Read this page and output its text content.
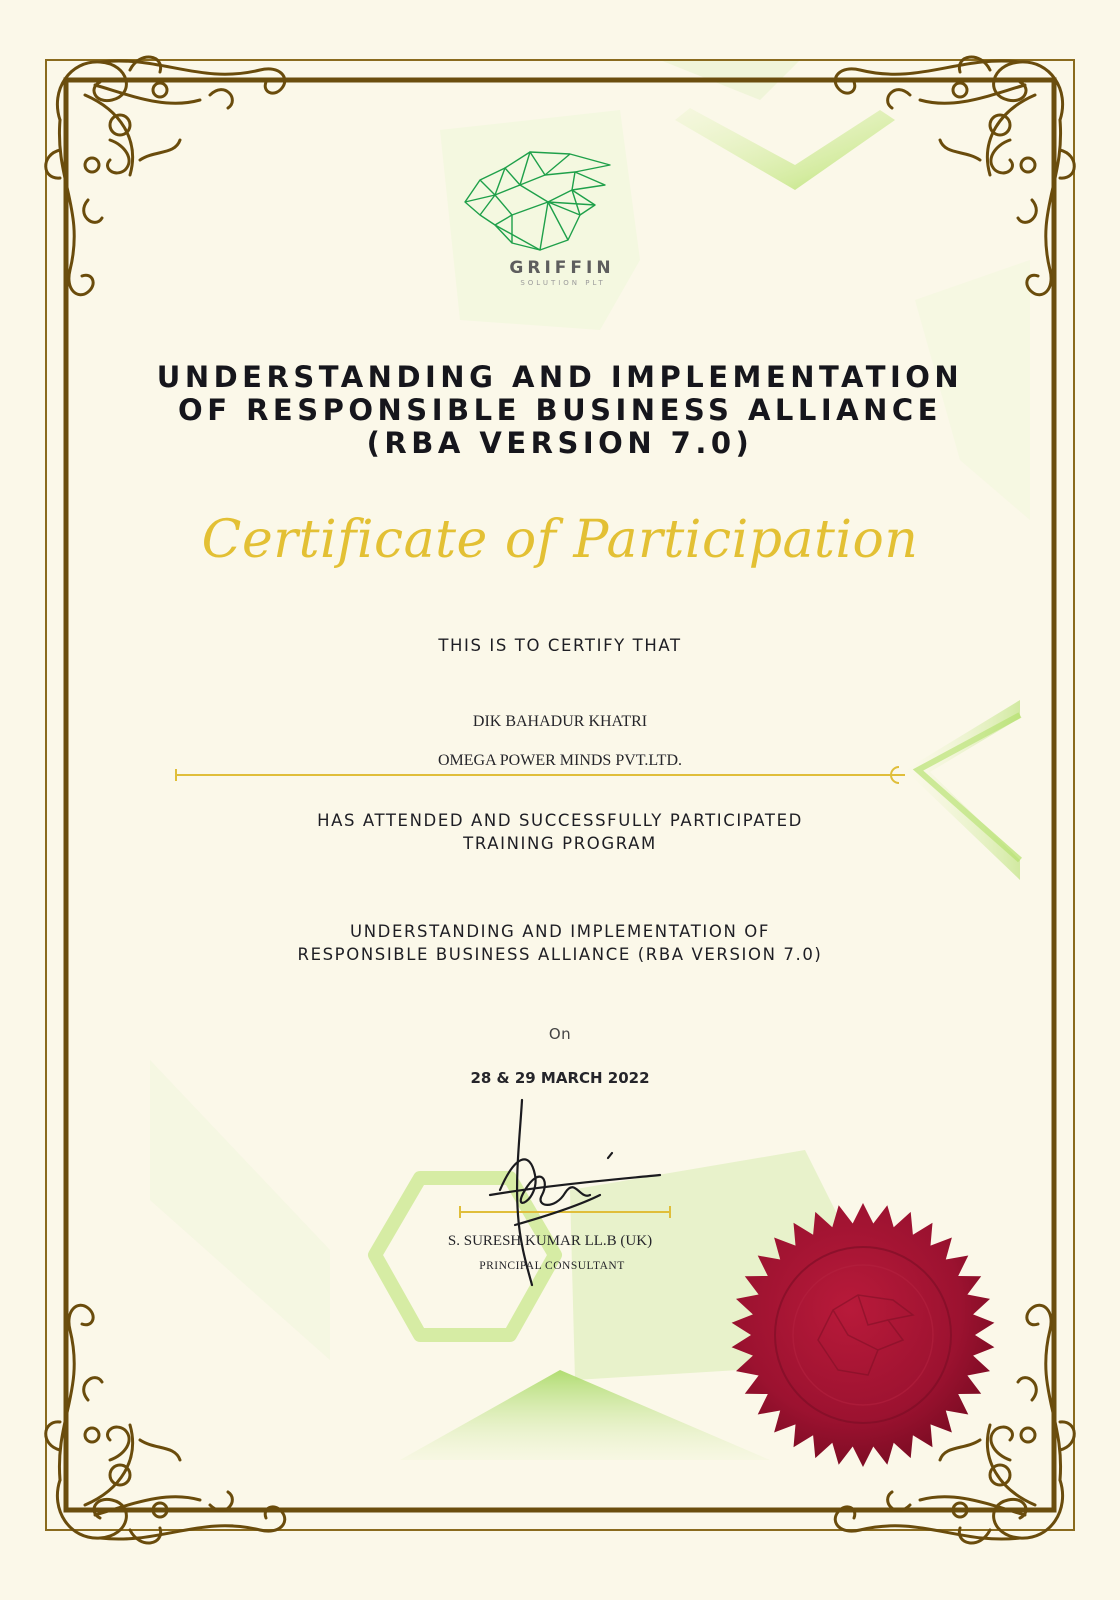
GRIFFIN
SOLUTION PLT
UNDERSTANDING AND IMPLEMENTATION
OF RESPONSIBLE BUSINESS ALLIANCE
(RBA VERSION 7.0)
Certificate of Participation
THIS IS TO CERTIFY THAT
DIK BAHADUR KHATRI
OMEGA POWER MINDS PVT.LTD.
HAS ATTENDED AND SUCCESSFULLY PARTICIPATED
TRAINING PROGRAM
UNDERSTANDING AND IMPLEMENTATION OF
RESPONSIBLE BUSINESS ALLIANCE (RBA VERSION 7.0)
On
28 & 29 MARCH 2022
S. SURESH KUMAR LL.B (UK)
PRINCIPAL CONSULTANT
